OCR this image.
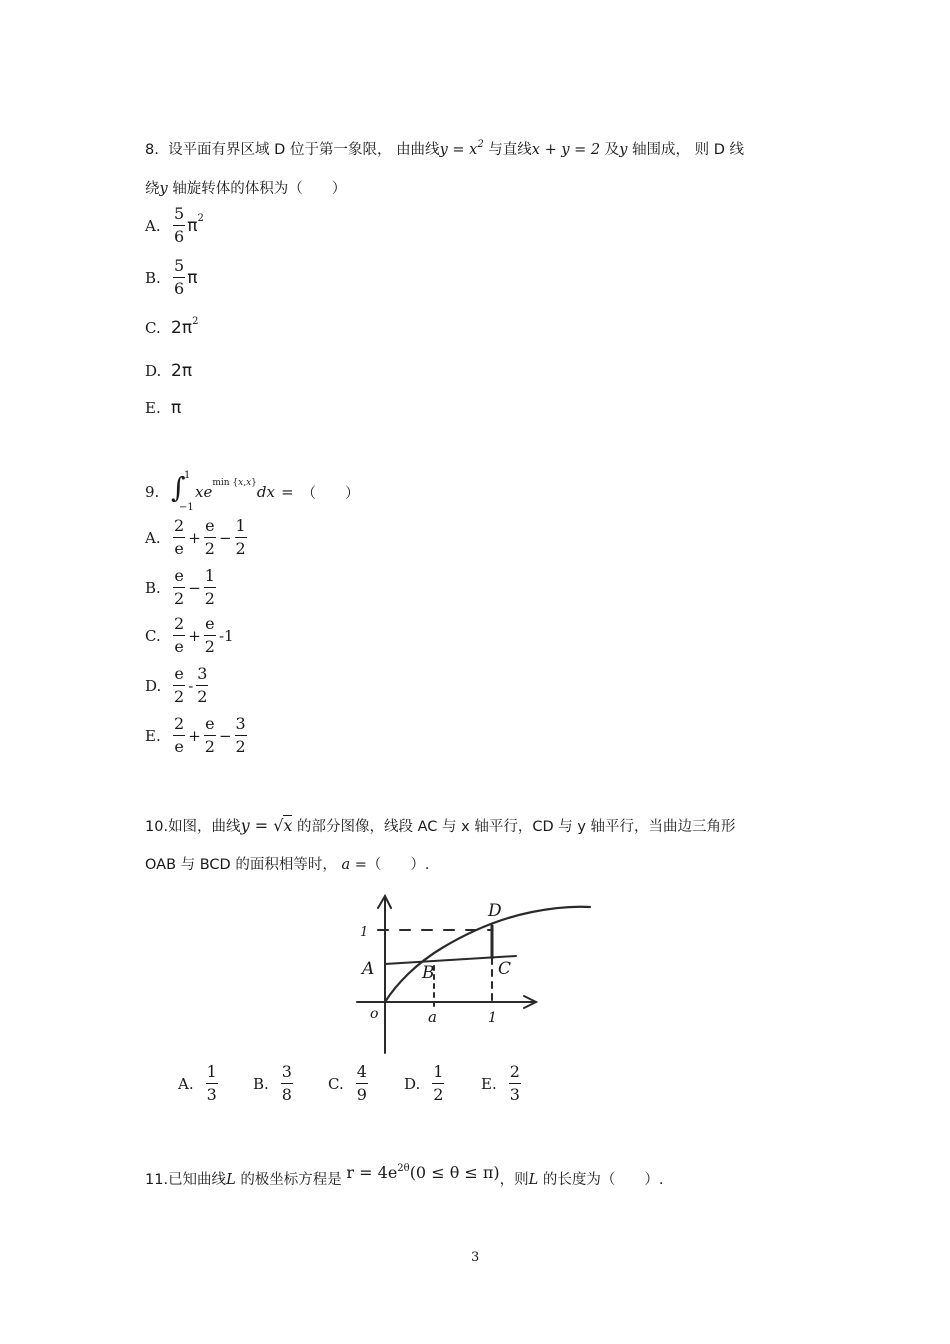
8. 设平面有界区域 D 位于第一象限， 由曲线$y = x^2$ 与直线x + y = 2 及y 轴围成， 则 D 线
绕y 轴旋转体的体积为（　　）
A. $\frac{5}{6}$ π 2
B. $\frac{5}{6}$ π
C. 2π 2
D. 2π
E. π
9. ∫
1
−1
xe min {x,x} dx = （　　）
A. $\frac{2}{e} + \frac{e}{2} - \frac{1}{2}$
B. $\frac{e}{2} - \frac{1}{2}$
C. $\frac{2}{e} + \frac{e}{2} -1$
D. $\frac{e}{2} - \frac{3}{2}$
E. $\frac{2}{e} + \frac{e}{2} - \frac{3}{2}$
10.如图，曲线y = √x 的部分图像，线段 AC 与 x 轴平行，CD 与 y 轴平行，当曲边三角形
OAB 与 BCD 的面积相等时， a =（　　）.
D
1
A	B	C
o	a	1
A. $\frac{1}{3} B$. $\frac{3}{8} C$. $\frac{4}{9} D$. $\frac{1}{2} E$. $\frac{2}{3}$
11.已知曲线L 的极坐标方程是 $r = 4e^{2\theta}(0 \le \theta \le \pi)$，则L 的长度为（　　）.
3
